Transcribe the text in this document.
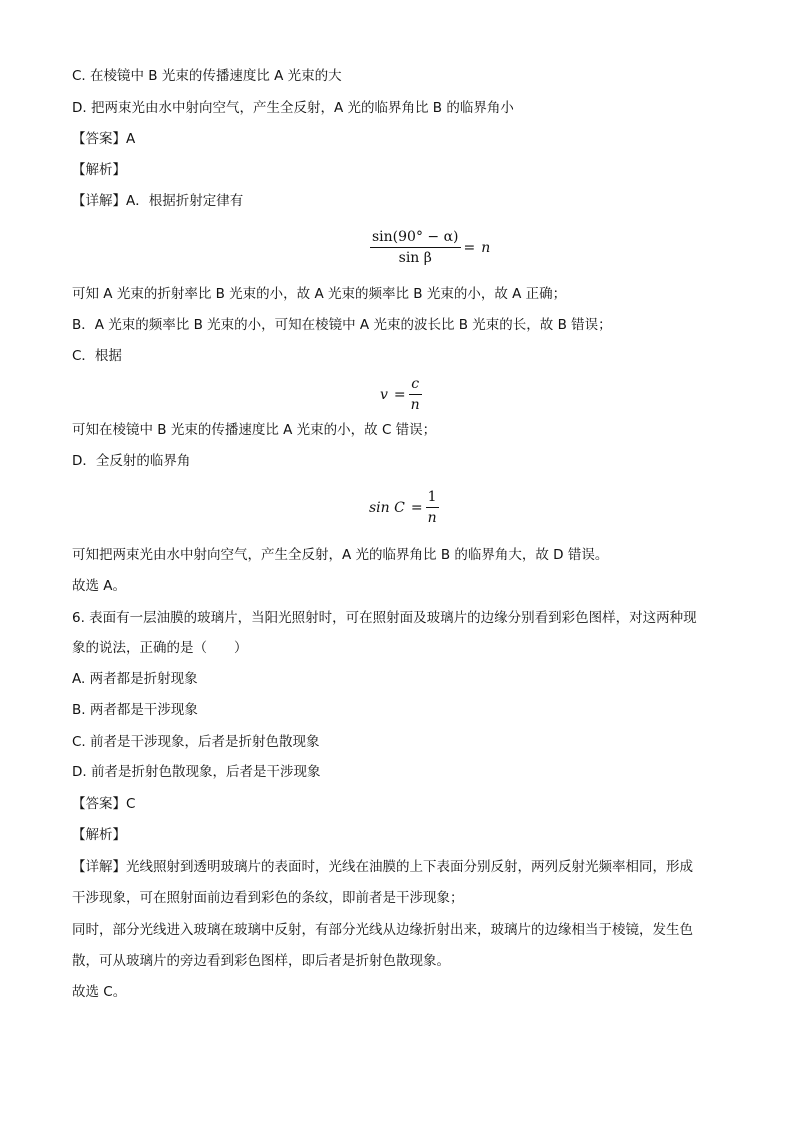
C. 在棱镜中 B 光束的传播速度比 A 光束的大
D. 把两束光由水中射向空气，产生全反射，A 光的临界角比 B 的临界角小
【答案】A
【解析】
【详解】A．根据折射定律有
$\frac{\sin(90^\circ - \alpha)}{\text{sin β}} = n$
可知 A 光束的折射率比 B 光束的小，故 A 光束的频率比 B 光束的小，故 A 正确；
B．A 光束的频率比 B 光束的小，可知在棱镜中 A 光束的波长比 B 光束的长，故 B 错误；
C．根据
$v = \frac{c}{n}$
可知在棱镜中 B 光束的传播速度比 A 光束的小，故 C 错误；
D．全反射的临界角
$\sin C = \frac{1}{n}$
可知把两束光由水中射向空气，产生全反射，A 光的临界角比 B 的临界角大，故 D 错误。
故选 A。
6. 表面有一层油膜的玻璃片，当阳光照射时，可在照射面及玻璃片的边缘分别看到彩色图样，对这两种现
象的说法，正确的是（　　）
A. 两者都是折射现象
B. 两者都是干涉现象
C. 前者是干涉现象，后者是折射色散现象
D. 前者是折射色散现象，后者是干涉现象
【答案】C
【解析】
【详解】光线照射到透明玻璃片的表面时，光线在油膜的上下表面分别反射，两列反射光频率相同，形成
干涉现象，可在照射面前边看到彩色的条纹，即前者是干涉现象；
同时，部分光线进入玻璃在玻璃中反射，有部分光线从边缘折射出来，玻璃片的边缘相当于棱镜，发生色
散，可从玻璃片的旁边看到彩色图样，即后者是折射色散现象。
故选 C。
